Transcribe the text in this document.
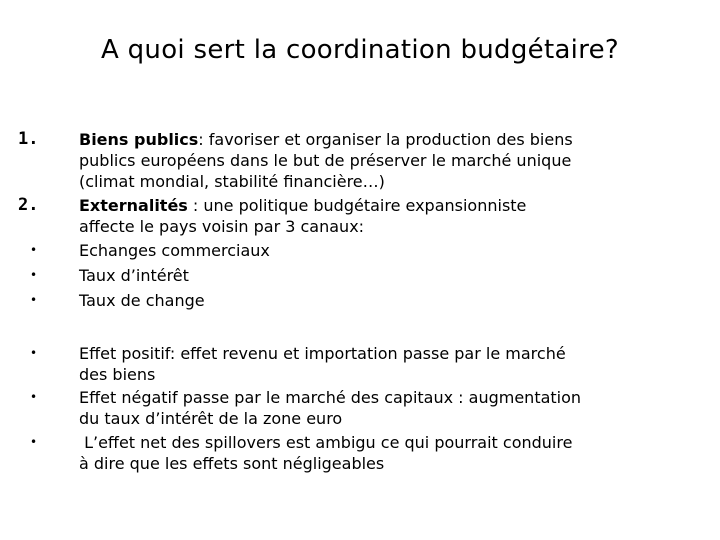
A quoi sert la coordination budgétaire?
1.	Biens publics: favoriser et organiser la production des biens
publics européens dans le but de préserver le marché unique
(climat mondial, stabilité financière…)
2.	Externalités : une politique budgétaire expansionniste
affecte le pays voisin par 3 canaux:
•	Echanges commerciaux
•	Taux d’intérêt
•	Taux de change
•	Effet positif: effet revenu et importation passe par le marché
des biens
•	Effet négatif passe par le marché des capitaux : augmentation
du taux d’intérêt de la zone euro
•	L’effet net des spillovers est ambigu ce qui pourrait conduire
à dire que les effets sont négligeables
